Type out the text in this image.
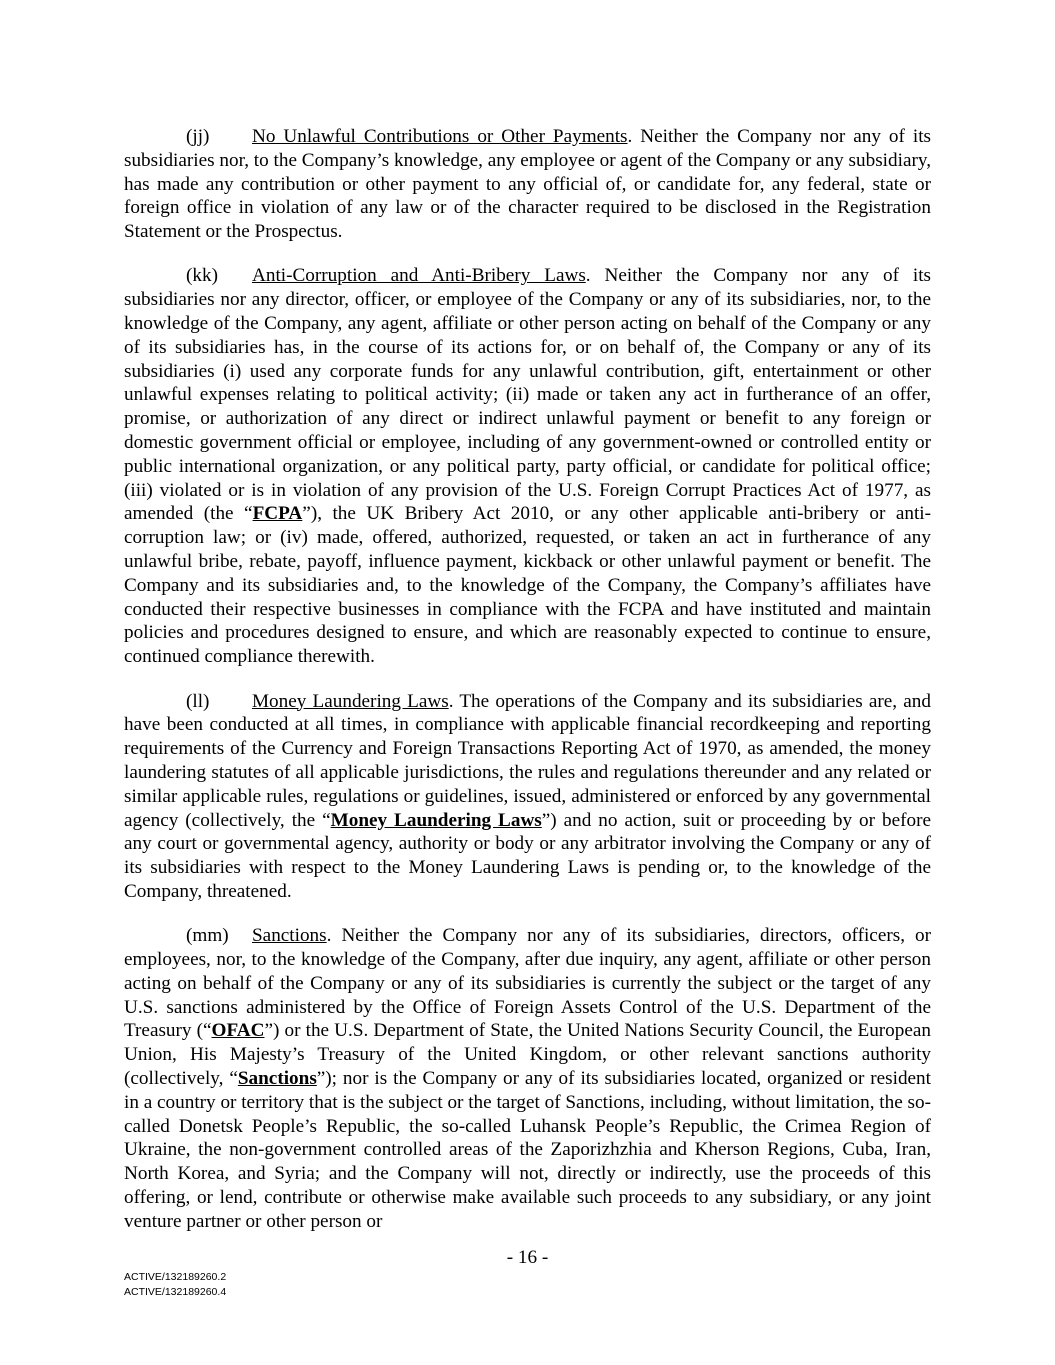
(jj) No Unlawful Contributions or Other Payments. Neither the Company nor any of its subsidiaries nor, to the Company’s knowledge, any employee or agent of the Company or any subsidiary, has made any contribution or other payment to any official of, or candidate for, any federal, state or foreign office in violation of any law or of the character required to be disclosed in the Registration Statement or the Prospectus.

(kk) Anti-Corruption and Anti-Bribery Laws. Neither the Company nor any of its subsidiaries nor any director, officer, or employee of the Company or any of its subsidiaries, nor, to the knowledge of the Company, any agent, affiliate or other person acting on behalf of the Company or any of its subsidiaries has, in the course of its actions for, or on behalf of, the Company or any of its subsidiaries (i) used any corporate funds for any unlawful contribution, gift, entertainment or other unlawful expenses relating to political activity; (ii) made or taken any act in furtherance of an offer, promise, or authorization of any direct or indirect unlawful payment or benefit to any foreign or domestic government official or employee, including of any government-owned or controlled entity or public international organization, or any political party, party official, or candidate for political office; (iii) violated or is in violation of any provision of the U.S. Foreign Corrupt Practices Act of 1977, as amended (the “FCPA”), the UK Bribery Act 2010, or any other applicable anti-bribery or anti-corruption law; or (iv) made, offered, authorized, requested, or taken an act in furtherance of any unlawful bribe, rebate, payoff, influence payment, kickback or other unlawful payment or benefit. The Company and its subsidiaries and, to the knowledge of the Company, the Company’s affiliates have conducted their respective businesses in compliance with the FCPA and have instituted and maintain policies and procedures designed to ensure, and which are reasonably expected to continue to ensure, continued compliance therewith.

(ll) Money Laundering Laws. The operations of the Company and its subsidiaries are, and have been conducted at all times, in compliance with applicable financial recordkeeping and reporting requirements of the Currency and Foreign Transactions Reporting Act of 1970, as amended, the money laundering statutes of all applicable jurisdictions, the rules and regulations thereunder and any related or similar applicable rules, regulations or guidelines, issued, administered or enforced by any governmental agency (collectively, the “Money Laundering Laws”) and no action, suit or proceeding by or before any court or governmental agency, authority or body or any arbitrator involving the Company or any of its subsidiaries with respect to the Money Laundering Laws is pending or, to the knowledge of the Company, threatened.

(mm) Sanctions. Neither the Company nor any of its subsidiaries, directors, officers, or employees, nor, to the knowledge of the Company, after due inquiry, any agent, affiliate or other person acting on behalf of the Company or any of its subsidiaries is currently the subject or the target of any U.S. sanctions administered by the Office of Foreign Assets Control of the U.S. Department of the Treasury (“OFAC”) or the U.S. Department of State, the United Nations Security Council, the European Union, His Majesty’s Treasury of the United Kingdom, or other relevant sanctions authority (collectively, “Sanctions”); nor is the Company or any of its subsidiaries located, organized or resident in a country or territory that is the subject or the target of Sanctions, including, without limitation, the so-called Donetsk People’s Republic, the so-called Luhansk People’s Republic, the Crimea Region of Ukraine, the non-government controlled areas of the Zaporizhzhia and Kherson Regions, Cuba, Iran, North Korea, and Syria; and the Company will not, directly or indirectly, use the proceeds of this offering, or lend, contribute or otherwise make available such proceeds to any subsidiary, or any joint venture partner or other person or

- 16 -
ACTIVE/132189260.2
ACTIVE/132189260.4
